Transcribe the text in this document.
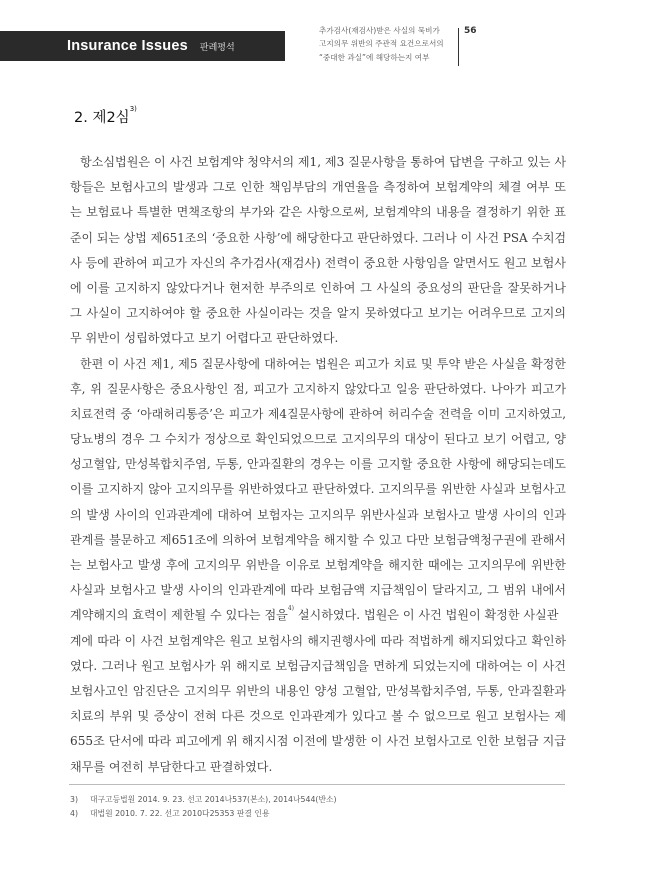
Insurance Issues 판례평석
추가검사(재검사)받은 사실의 묵비가
고지의무 위반의 주관적 요건으로서의
“중대한 과실”에 해당하는지 여부
56
2. 제2심$^{3)}$
항소심법원은 이 사건 보험계약 청약서의 제1, 제3 질문사항을 통하여 답변을 구하고 있는 사
항들은 보험사고의 발생과 그로 인한 책임부담의 개연율을 측정하여 보험계약의 체결 여부 또
는 보험료나 특별한 면책조항의 부가와 같은 사항으로써, 보험계약의 내용을 결정하기 위한 표
준이 되는 상법 제651조의 ‘중요한 사항’에 해당한다고 판단하였다. 그러나 이 사건 PSA 수치검
사 등에 관하여 피고가 자신의 추가검사(재검사) 전력이 중요한 사항임을 알면서도 원고 보험사
에 이를 고지하지 않았다거나 현저한 부주의로 인하여 그 사실의 중요성의 판단을 잘못하거나
그 사실이 고지하여야 할 중요한 사실이라는 것을 알지 못하였다고 보기는 어려우므로 고지의
무 위반이 성립하였다고 보기 어렵다고 판단하였다.
한편 이 사건 제1, 제5 질문사항에 대하여는 법원은 피고가 치료 및 투약 받은 사실을 확정한
후, 위 질문사항은 중요사항인 점, 피고가 고지하지 않았다고 일응 판단하였다. 나아가 피고가
치료전력 중 ‘아래허리통증’은 피고가 제4질문사항에 관하여 허리수술 전력을 이미 고지하였고,
당뇨병의 경우 그 수치가 정상으로 확인되었으므로 고지의무의 대상이 된다고 보기 어렵고, 양
성고혈압, 만성복합치주염, 두통, 안과질환의 경우는 이를 고지할 중요한 사항에 해당되는데도
이를 고지하지 않아 고지의무를 위반하였다고 판단하였다. 고지의무를 위반한 사실과 보험사고
의 발생 사이의 인과관계에 대하여 보험자는 고지의무 위반사실과 보험사고 발생 사이의 인과
관계를 불문하고 제651조에 의하여 보험계약을 해지할 수 있고 다만 보험금액청구권에 관해서
는 보험사고 발생 후에 고지의무 위반을 이유로 보험계약을 해지한 때에는 고지의무에 위반한
사실과 보험사고 발생 사이의 인과관계에 따라 보험금액 지급책임이 달라지고, 그 범위 내에서
계약해지의 효력이 제한될 수 있다는 점을$^{4)}$ 설시하였다. 법원은 이 사건 법원이 확정한 사실관
계에 따라 이 사건 보험계약은 원고 보험사의 해지권행사에 따라 적법하게 해지되었다고 확인하
였다. 그러나 원고 보험사가 위 해지로 보험금지급책임을 면하게 되었는지에 대하여는 이 사건
보험사고인 암진단은 고지의무 위반의 내용인 양성 고혈압, 만성복합치주염, 두통, 안과질환과
치료의 부위 및 증상이 전혀 다른 것으로 인과관계가 있다고 볼 수 없으므로 원고 보험사는 제
655조 단서에 따라 피고에게 위 해지시점 이전에 발생한 이 사건 보험사고로 인한 보험금 지급
채무를 여전히 부담한다고 판결하였다.
3) 대구고등법원 2014. 9. 23. 선고 2014나537(본소), 2014나544(반소)
4) 대법원 2010. 7. 22. 선고 2010다25353 판결 인용
